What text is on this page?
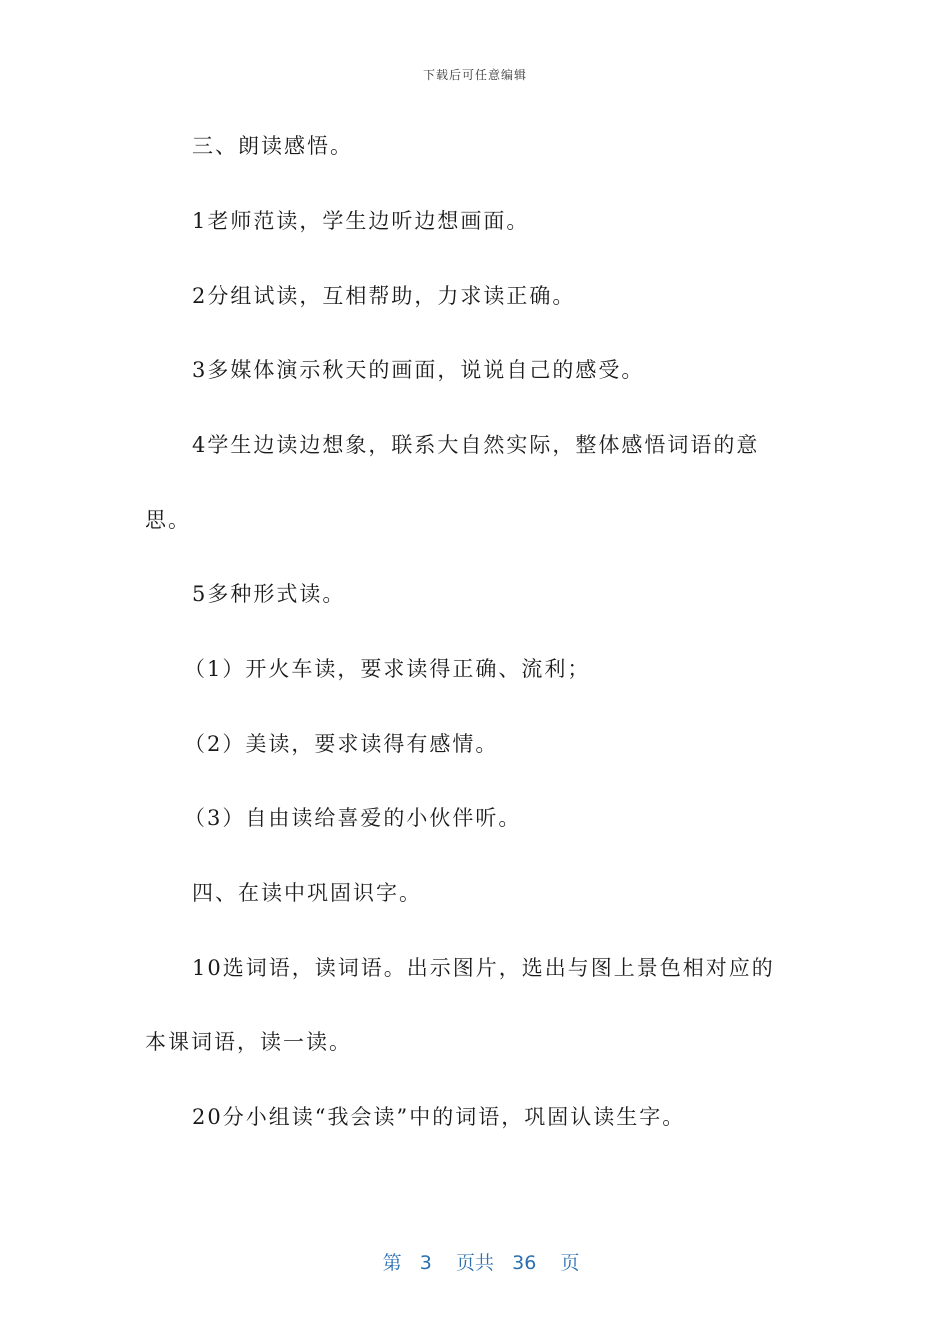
下载后可任意编辑
三、朗读感悟。
1老师范读，学生边听边想画面。
2分组试读，互相帮助，力求读正确。
3多媒体演示秋天的画面，说说自己的感受。
4学生边读边想象，联系大自然实际，整体感悟词语的意
思。
5多种形式读。
（1）开火车读，要求读得正确、流利；
（2）美读，要求读得有感情。
（3）自由读给喜爱的小伙伴听。
四、在读中巩固识字。
10选词语，读词语。出示图片，选出与图上景色相对应的
本课词语，读一读。
20分小组读“我会读”中的词语，巩固认读生字。

第 3 页共 36 页
